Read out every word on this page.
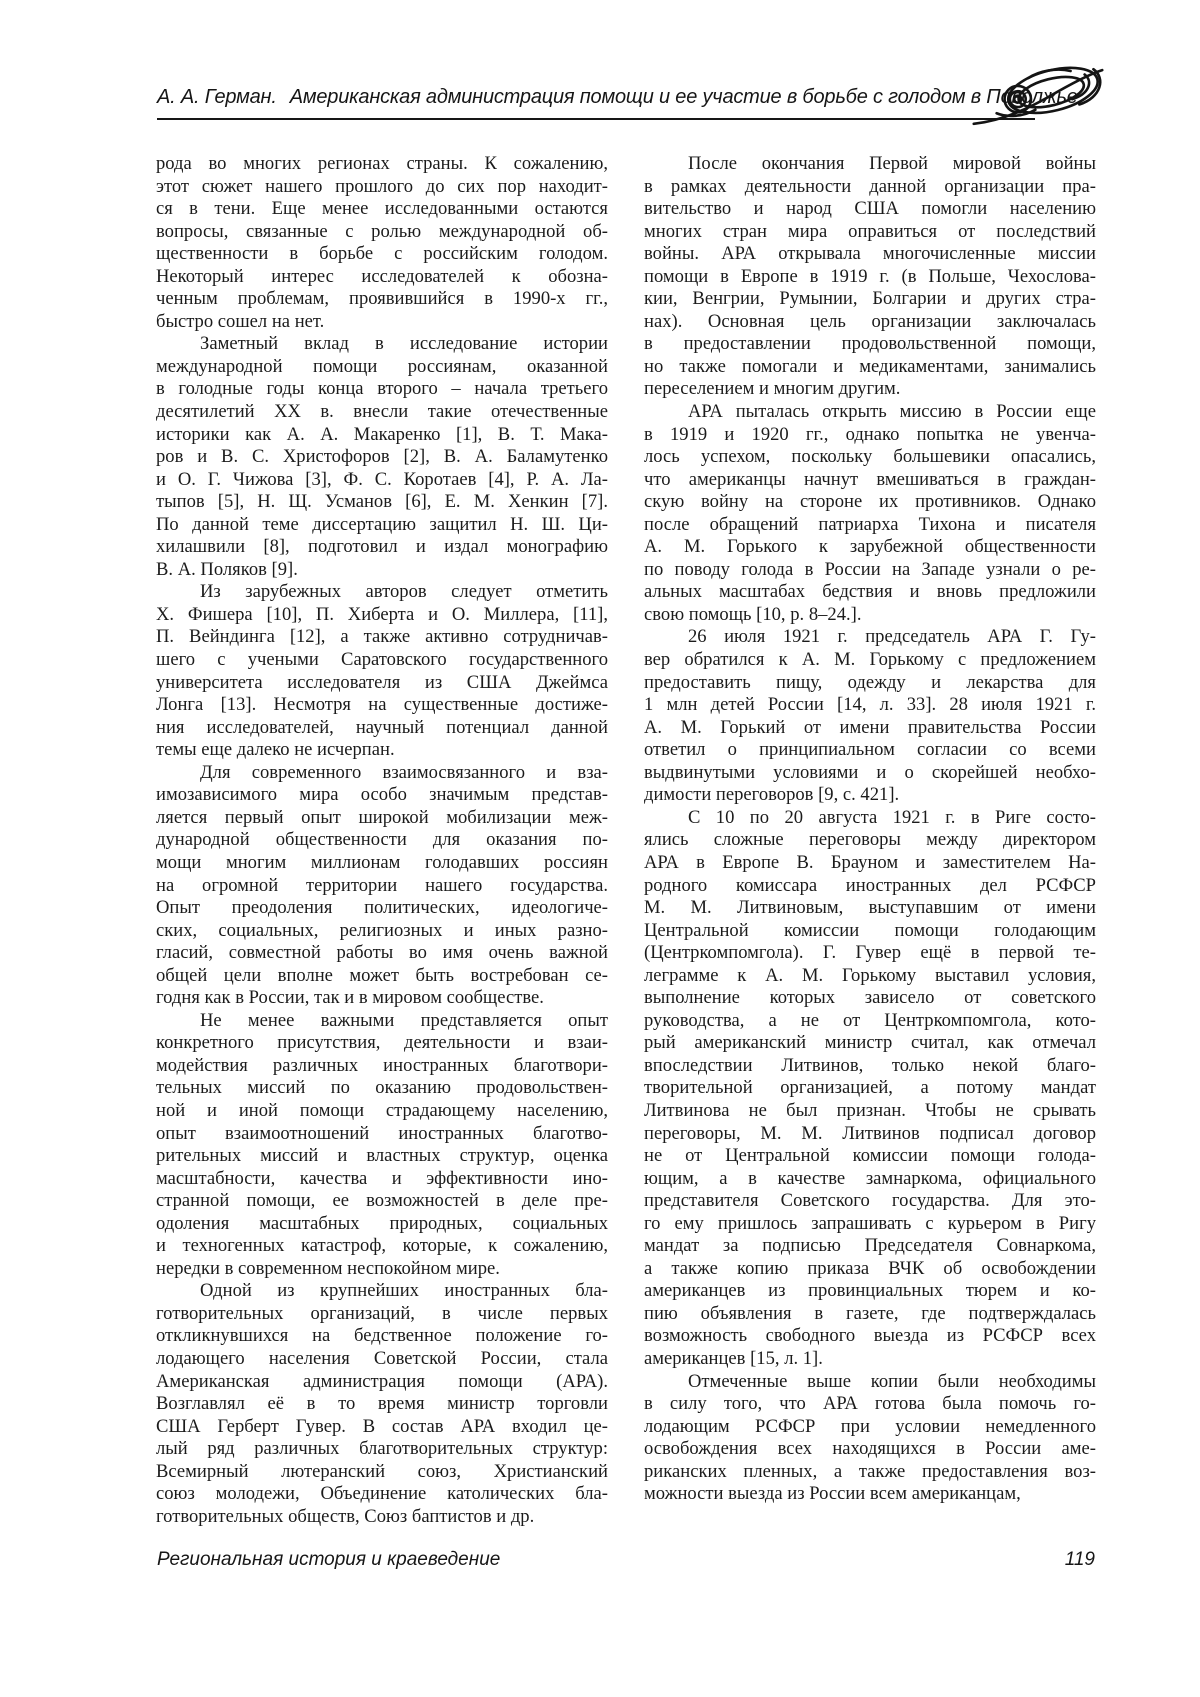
А. А. Герман. Американская администрация помощи и ее участие в борьбе с голодом в Поволжье
рода во многих регионах страны. К сожалению,
этот сюжет нашего прошлого до сих пор находит-
ся в тени. Еще менее исследованными остаются
вопросы, связанные с ролью международной об-
щественности в борьбе с российским голодом.
Некоторый интерес исследователей к обозна-
ченным проблемам, проявившийся в 1990-х гг.,
быстро сошел на нет.
Заметный вклад в исследование истории
международной помощи россиянам, оказанной
в голодные годы конца второго – начала третьего
десятилетий XX в. внесли такие отечественные
историки как А. А. Макаренко [1], В. Т. Мака-
ров и В. С. Христофоров [2], В. А. Баламутенко
и О. Г. Чижова [3], Ф. С. Коротаев [4], Р. А. Ла-
тыпов [5], Н. Щ. Усманов [6], Е. М. Хенкин [7].
По данной теме диссертацию защитил Н. Ш. Ци-
хилашвили [8], подготовил и издал монографию
В. А. Поляков [9].
Из зарубежных авторов следует отметить
Х. Фишера [10], П. Хиберта и О. Миллера, [11],
П. Вейндинга [12], а также активно сотрудничав-
шего с учеными Саратовского государственного
университета исследователя из США Джеймса
Лонга [13]. Несмотря на существенные достиже-
ния исследователей, научный потенциал данной
темы еще далеко не исчерпан.
Для современного взаимосвязанного и вза-
имозависимого мира особо значимым представ-
ляется первый опыт широкой мобилизации меж-
дународной общественности для оказания по-
мощи многим миллионам голодавших россиян
на огромной территории нашего государства.
Опыт преодоления политических, идеологиче-
ских, социальных, религиозных и иных разно-
гласий, совместной работы во имя очень важной
общей цели вполне может быть востребован се-
годня как в России, так и в мировом сообществе.
Не менее важными представляется опыт
конкретного присутствия, деятельности и взаи-
модействия различных иностранных благотвори-
тельных миссий по оказанию продовольствен-
ной и иной помощи страдающему населению,
опыт взаимоотношений иностранных благотво-
рительных миссий и властных структур, оценка
масштабности, качества и эффективности ино-
странной помощи, ее возможностей в деле пре-
одоления масштабных природных, социальных
и техногенных катастроф, которые, к сожалению,
нередки в современном неспокойном мире.
Одной из крупнейших иностранных бла-
готворительных организаций, в числе первых
откликнувшихся на бедственное положение го-
лодающего населения Советской России, стала
Американская администрация помощи (АРА).
Возглавлял её в то время министр торговли
США Герберт Гувер. В состав АРА входил це-
лый ряд различных благотворительных структур:
Всемирный лютеранский союз, Христианский
союз молодежи, Объединение католических бла-
готворительных обществ, Союз баптистов и др.
После окончания Первой мировой войны
в рамках деятельности данной организации пра-
вительство и народ США помогли населению
многих стран мира оправиться от последствий
войны. АРА открывала многочисленные миссии
помощи в Европе в 1919 г. (в Польше, Чехослова-
кии, Венгрии, Румынии, Болгарии и других стра-
нах). Основная цель организации заключалась
в предоставлении продовольственной помощи,
но также помогали и медикаментами, занимались
переселением и многим другим.
АРА пыталась открыть миссию в России еще
в 1919 и 1920 гг., однако попытка не увенча-
лось успехом, поскольку большевики опасались,
что американцы начнут вмешиваться в граждан-
скую войну на стороне их противников. Однако
после обращений патриарха Тихона и писателя
А. М. Горького к зарубежной общественности
по поводу голода в России на Западе узнали о ре-
альных масштабах бедствия и вновь предложили
свою помощь [10, p. 8–24.].
26 июля 1921 г. председатель АРА Г. Гу-
вер обратился к А. М. Горькому с предложением
предоставить пищу, одежду и лекарства для
1 млн детей России [14, л. 33]. 28 июля 1921 г.
А. М. Горький от имени правительства России
ответил о принципиальном согласии со всеми
выдвинутыми условиями и о скорейшей необхо-
димости переговоров [9, с. 421].
С 10 по 20 августа 1921 г. в Риге состо-
ялись сложные переговоры между директором
АРА в Европе В. Брауном и заместителем На-
родного комиссара иностранных дел РСФСР
М. М. Литвиновым, выступавшим от имени
Центральной комиссии помощи голодающим
(Центркомпомгола). Г. Гувер ещё в первой те-
леграмме к А. М. Горькому выставил условия,
выполнение которых зависело от советского
руководства, а не от Центркомпомгола, кото-
рый американский министр считал, как отмечал
впоследствии Литвинов, только некой благо-
творительной организацией, а потому мандат
Литвинова не был признан. Чтобы не срывать
переговоры, М. М. Литвинов подписал договор
не от Центральной комиссии помощи голода-
ющим, а в качестве замнаркома, официального
представителя Советского государства. Для это-
го ему пришлось запрашивать с курьером в Ригу
мандат за подписью Председателя Совнаркома,
а также копию приказа ВЧК об освобождении
американцев из провинциальных тюрем и ко-
пию объявления в газете, где подтверждалась
возможность свободного выезда из РСФСР всех
американцев [15, л. 1].
Отмеченные выше копии были необходимы
в силу того, что АРА готова была помочь го-
лодающим РСФСР при условии немедленного
освобождения всех находящихся в России аме-
риканских пленных, а также предоставления воз-
можности выезда из России всем американцам,
Региональная история и краеведение	119
